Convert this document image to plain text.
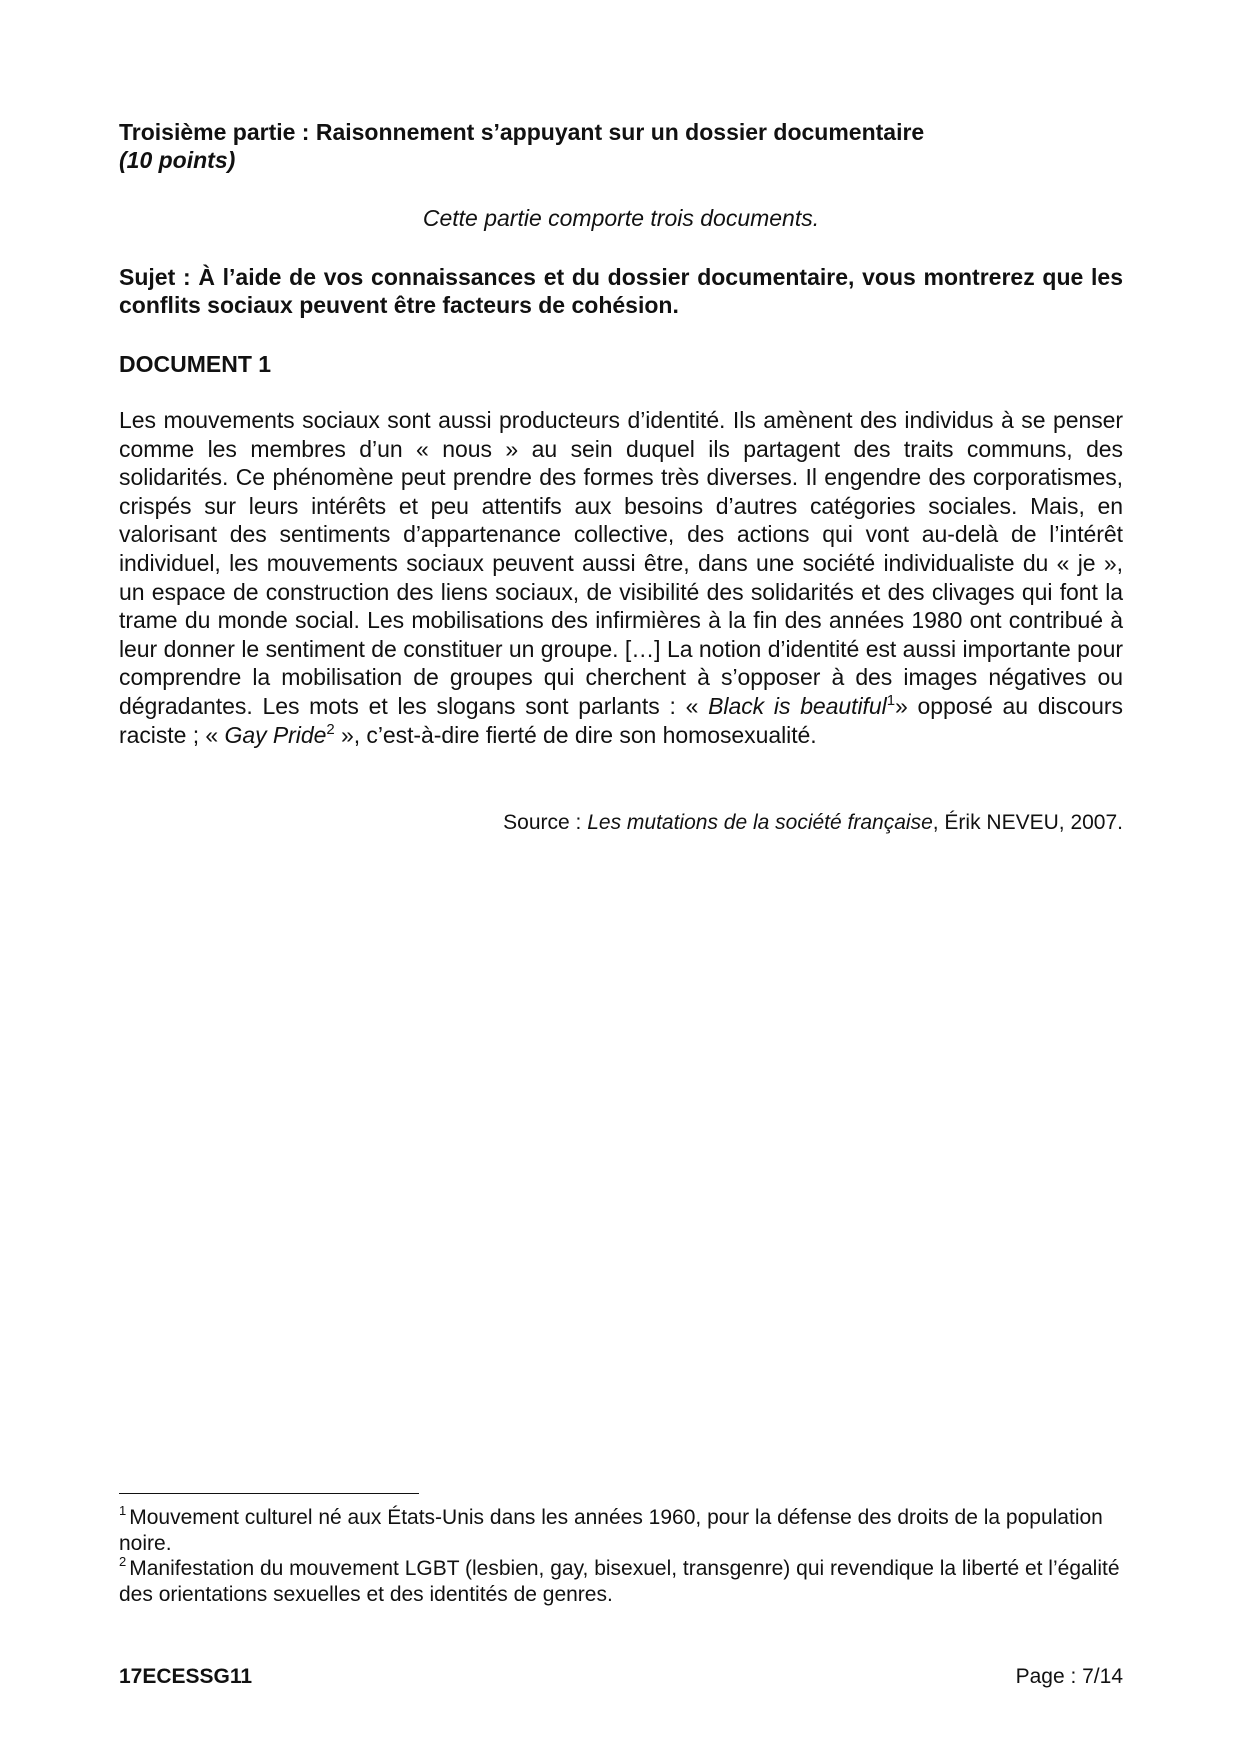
Troisième partie : Raisonnement s’appuyant sur un dossier documentaire
(10 points)

Cette partie comporte trois documents.

Sujet : À l’aide de vos connaissances et du dossier documentaire, vous montrerez que les conflits sociaux peuvent être facteurs de cohésion.

DOCUMENT 1

Les mouvements sociaux sont aussi producteurs d’identité. Ils amènent des individus à se penser comme les membres d’un « nous » au sein duquel ils partagent des traits communs, des solidarités. Ce phénomène peut prendre des formes très diverses. Il engendre des corporatismes, crispés sur leurs intérêts et peu attentifs aux besoins d’autres catégories sociales. Mais, en valorisant des sentiments d’appartenance collective, des actions qui vont au-delà de l’intérêt individuel, les mouvements sociaux peuvent aussi être, dans une société individualiste du « je », un espace de construction des liens sociaux, de visibilité des solidarités et des clivages qui font la trame du monde social. Les mobilisations des infirmières à la fin des années 1980 ont contribué à leur donner le sentiment de constituer un groupe. […] La notion d’identité est aussi importante pour comprendre la mobilisation de groupes qui cherchent à s’opposer à des images négatives ou dégradantes. Les mots et les slogans sont parlants : « Black is beautiful$^1$» opposé au discours raciste ; « Gay Pride$^2$ », c’est-à-dire fierté de dire son homosexualité.

Source : Les mutations de la société française, Érik NEVEU, 2007.

$^1$ Mouvement culturel né aux États-Unis dans les années 1960, pour la défense des droits de la population noire.

$^2$ Manifestation du mouvement LGBT (lesbien, gay, bisexuel, transgenre) qui revendique la liberté et l’égalité des orientations sexuelles et des identités de genres.

17ECESSG11	Page : 7/14
